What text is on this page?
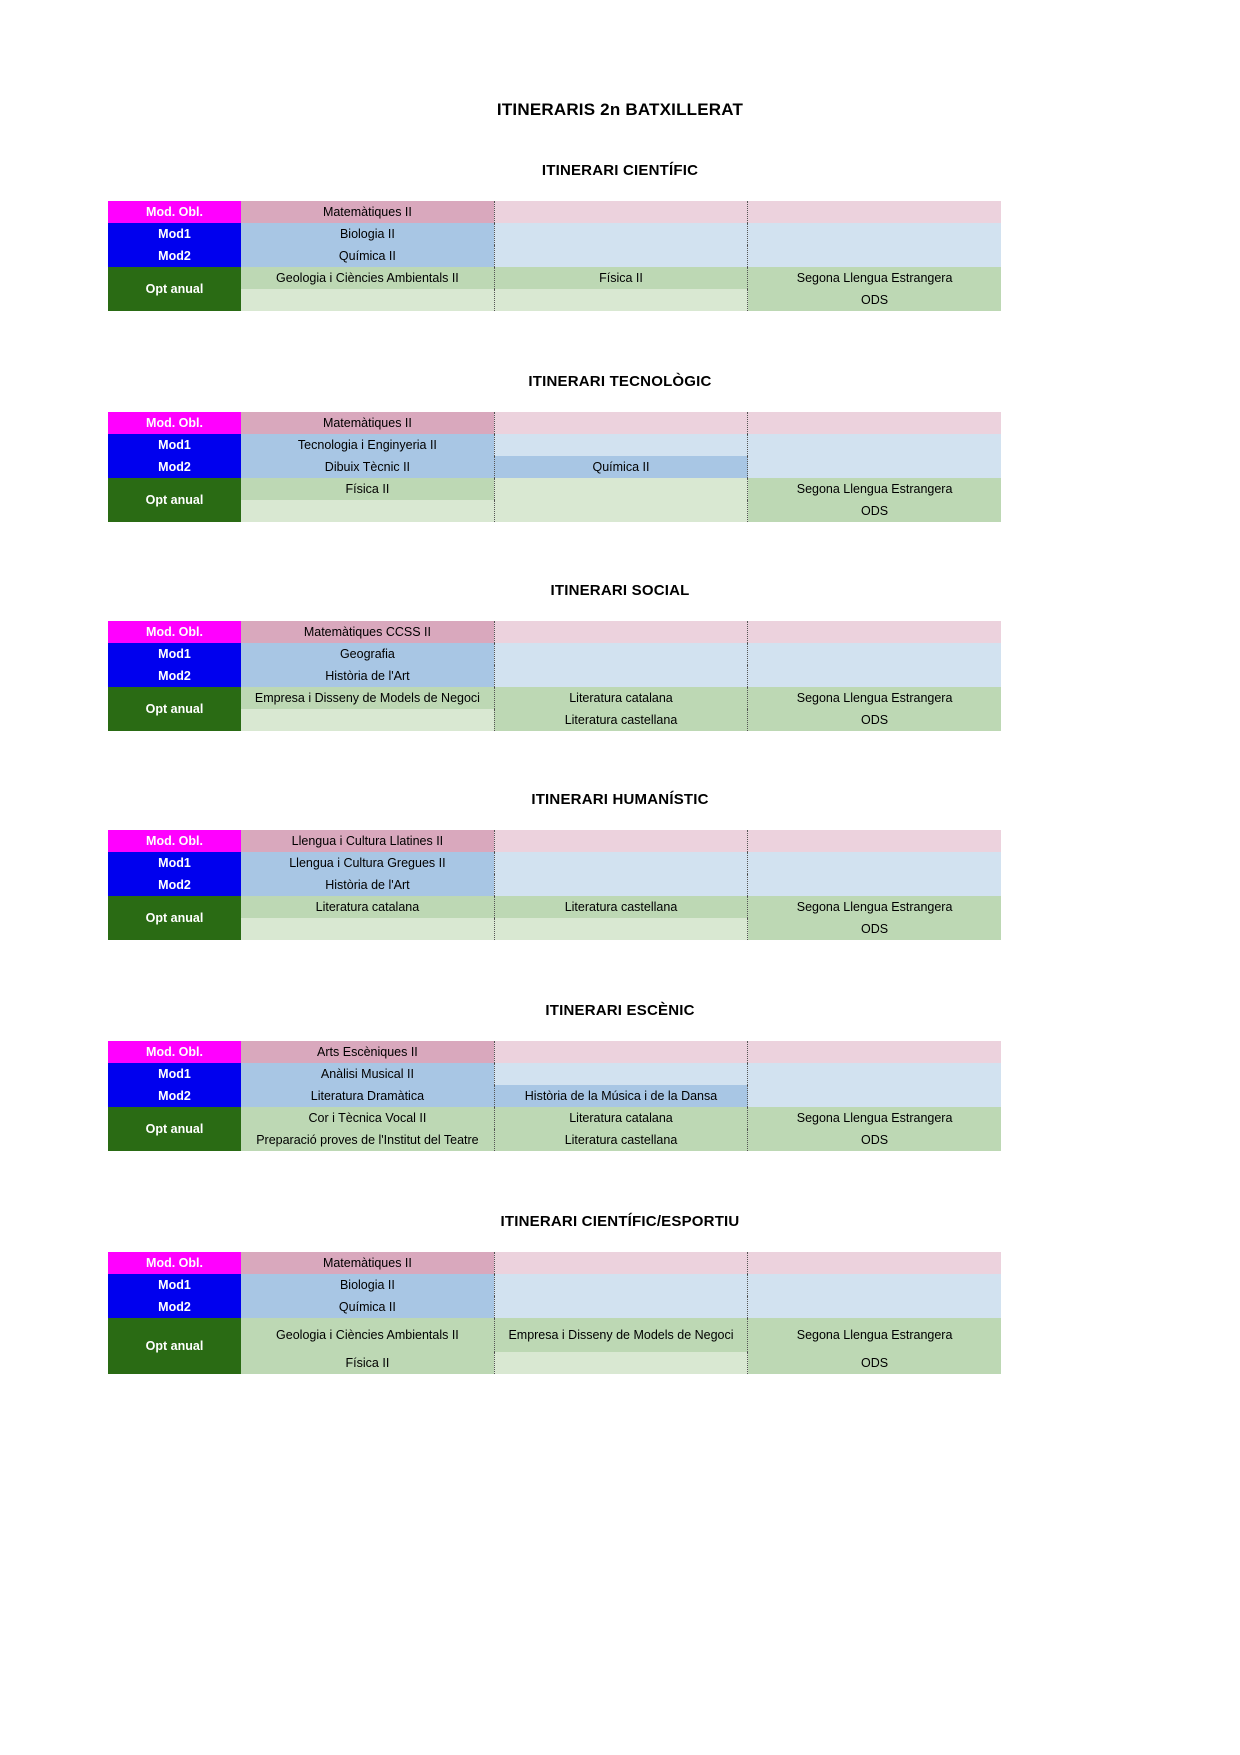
ITINERARIS 2n BATXILLERAT
ITINERARI CIENTÍFIC
Mod. Obl.	Matemàtiques II		

Mod1	Biologia II		

Mod2	Química II		

Opt anual	Geologia i Ciències Ambientals II	Física II	Segona Llengua Estrangera

			ODS
ITINERARI TECNOLÒGIC
Mod. Obl.	Matemàtiques II		

Mod1	Tecnologia i Enginyeria II		

Mod2	Dibuix Tècnic II	Química II	

Opt anual	Física II		Segona Llengua Estrangera

			ODS
ITINERARI SOCIAL
Mod. Obl.	Matemàtiques CCSS II		

Mod1	Geografia		

Mod2	Història de l'Art		

Opt anual	Empresa i Disseny de Models de Negoci	Literatura catalana	Segona Llengua Estrangera

		Literatura castellana	ODS
ITINERARI HUMANÍSTIC
Mod. Obl.	Llengua i Cultura Llatines II		

Mod1	Llengua i Cultura Gregues II		

Mod2	Història de l'Art		

Opt anual	Literatura catalana	Literatura castellana	Segona Llengua Estrangera

			ODS
ITINERARI ESCÈNIC
Mod. Obl.	Arts Escèniques II		

Mod1	Anàlisi Musical II		

Mod2	Literatura Dramàtica	Història de la Música i de la Dansa	

Opt anual	Cor i Tècnica Vocal II	Literatura catalana	Segona Llengua Estrangera

	Preparació proves de l'Institut del Teatre	Literatura castellana	ODS
ITINERARI CIENTÍFIC/ESPORTIU
Mod. Obl.	Matemàtiques II		

Mod1	Biologia II		

Mod2	Química II		

Opt anual	Geologia i Ciències Ambientals II	Empresa i Disseny de Models de Negoci	Segona Llengua Estrangera

	Física II		ODS
